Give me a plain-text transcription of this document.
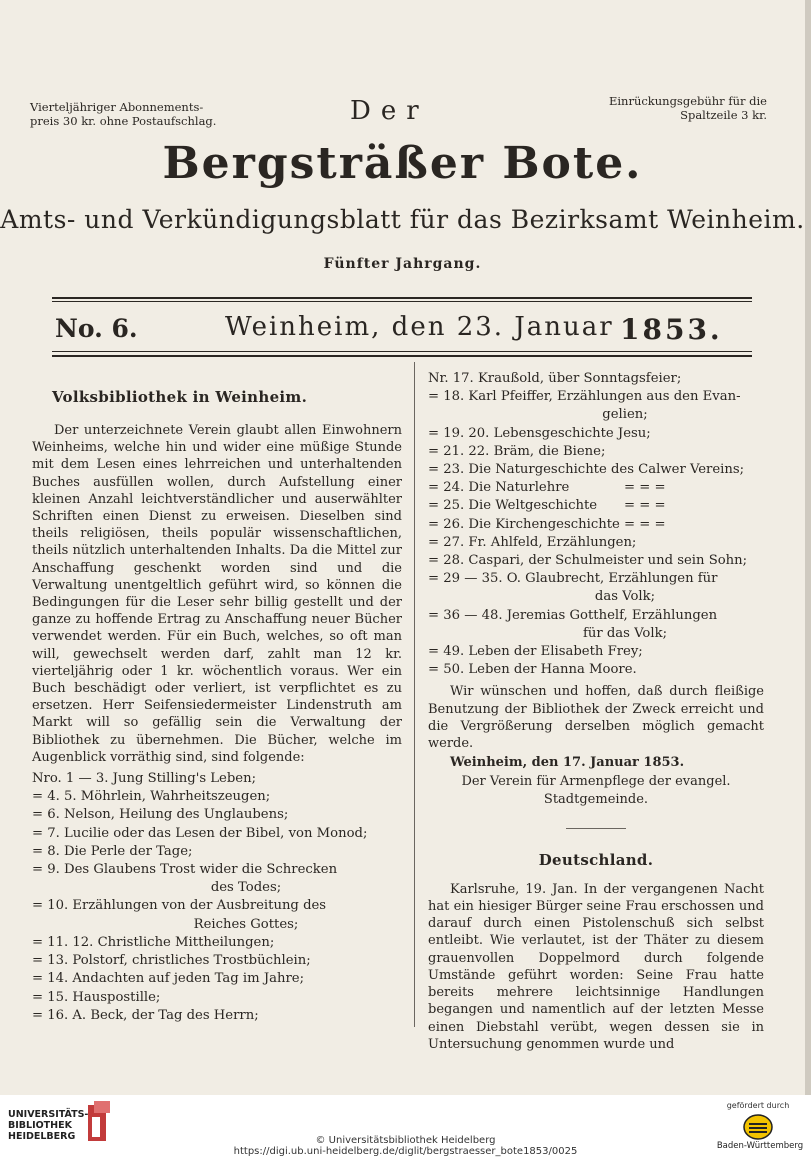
Vierteljähriger Abonnements-preis 30 kr. ohne Postaufschlag.	Der	Einrückungsgebühr für die Spaltzeile 3 kr.
Bergsträßer Bote.
Amts- und Verkündigungsblatt für das Bezirksamt Weinheim.
Fünfter Jahrgang.
No. 6.	Weinheim, den 23. Januar 1853.
Volksbibliothek in Weinheim.

Der unterzeichnete Verein glaubt allen Einwohnern Weinheims, welche hin und wider eine müßige Stunde mit dem Lesen eines lehrreichen und unterhaltenden Buches ausfüllen wollen, durch Aufstellung einer kleinen Anzahl leichtverständlicher und auserwählter Schriften einen Dienst zu erweisen. Dieselben sind theils religiösen, theils populär wissenschaftlichen, theils nützlich unterhaltenden Inhalts. Da die Mittel zur Anschaffung geschenkt worden sind und die Verwaltung unentgeltlich geführt wird, so können die Bedingungen für die Leser sehr billig gestellt und der ganze zu hoffende Ertrag zu Anschaffung neuer Bücher verwendet werden. Für ein Buch, welches, so oft man will, gewechselt werden darf, zahlt man 12 kr. vierteljährig oder 1 kr. wöchentlich voraus. Wer ein Buch beschädigt oder verliert, ist verpflichtet es zu ersetzen. Herr Seifensiedermeister Lindenstruth am Markt will so gefällig sein die Verwaltung der Bibliothek zu übernehmen. Die Bücher, welche im Augenblick vorräthig sind, sind folgende:

Nro. 1 — 3. Jung Stilling's Leben;
= 4. 5. Möhrlein, Wahrheitszeugen;
= 6. Nelson, Heilung des Unglaubens;
= 7. Lucilie oder das Lesen der Bibel, von Monod;
= 8. Die Perle der Tage;
= 9. Des Glaubens Trost wider die Schrecken
des Todes;
= 10. Erzählungen von der Ausbreitung des
Reiches Gottes;
= 11. 12. Christliche Mittheilungen;
= 13. Polstorf, christliches Trostbüchlein;
= 14. Andachten auf jeden Tag im Jahre;
= 15. Hauspostille;
= 16. A. Beck, der Tag des Herrn;
Nr. 17. Kraußold, über Sonntagsfeier;
= 18. Karl Pfeiffer, Erzählungen aus den Evan-
gelien;
= 19. 20. Lebensgeschichte Jesu;
= 21. 22. Bräm, die Biene;
= 23. Die Naturgeschichte des Calwer Vereins;
= 24. Die Naturlehre	= = =
= 25. Die Weltgeschichte = = =
= 26. Die Kirchengeschichte = = =
= 27. Fr. Ahlfeld, Erzählungen;
= 28. Caspari, der Schulmeister und sein Sohn;
= 29 — 35. O. Glaubrecht, Erzählungen für
das Volk;
= 36 — 48. Jeremias Gotthelf, Erzählungen
für das Volk;
= 49. Leben der Elisabeth Frey;
= 50. Leben der Hanna Moore.

Wir wünschen und hoffen, daß durch fleißige Benutzung der Bibliothek der Zweck erreicht und die Vergrößerung derselben möglich gemacht werde.

Weinheim, den 17. Januar 1853.

Der Verein für Armenpflege der evangel. Stadtgemeinde.

Deutschland.

Karlsruhe, 19. Jan. In der vergangenen Nacht hat ein hiesiger Bürger seine Frau erschossen und darauf durch einen Pistolenschuß sich selbst entleibt. Wie verlautet, ist der Thäter zu diesem grauenvollen Doppelmord durch folgende Umstände geführt worden: Seine Frau hatte bereits mehrere leichtsinnige Handlungen begangen und namentlich auf der letzten Messe einen Diebstahl verübt, wegen dessen sie in Untersuchung genommen wurde und

UNIVERSITÄTS-
BIBLIOTHEK
HEIDELBERG	© Universitätsbibliothek Heidelberg
https://digi.ub.uni-heidelberg.de/diglit/bergstraesser_bote1853/0025
gefördert durch
Baden-Württemberg
